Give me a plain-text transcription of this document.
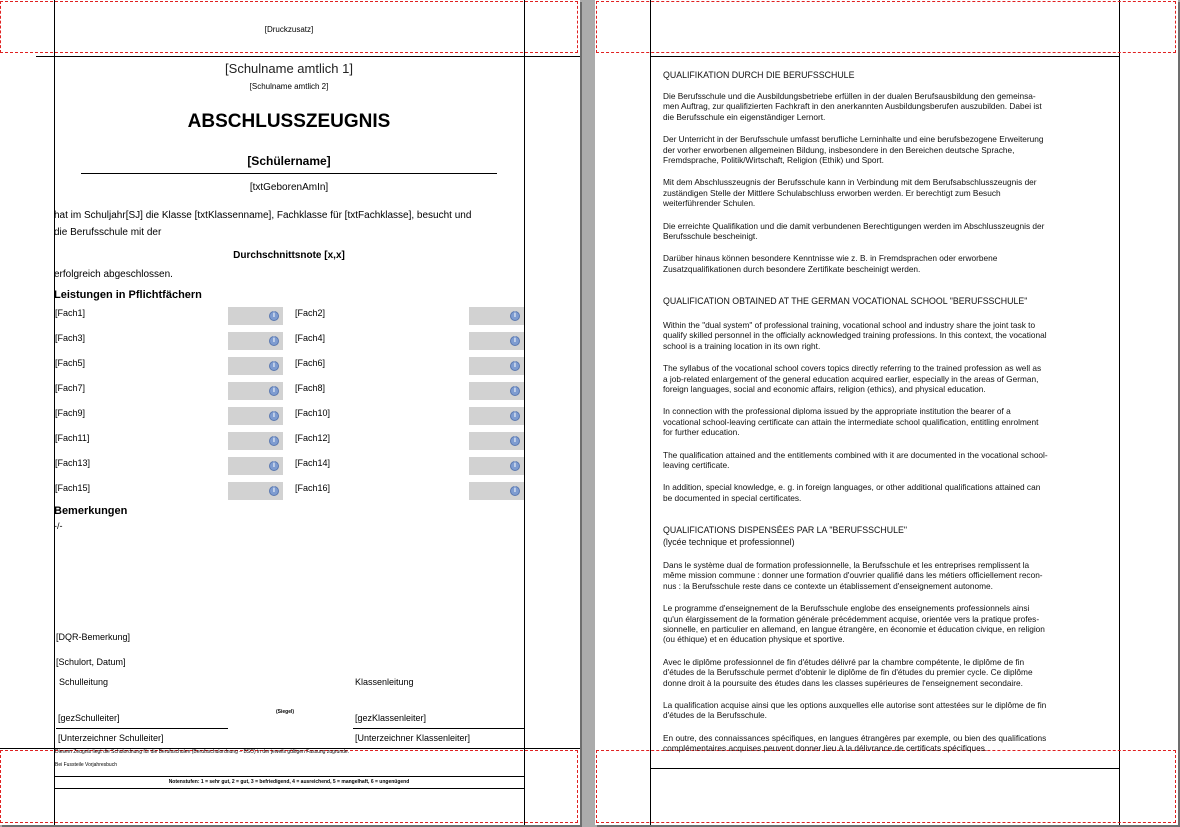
[Druckzusatz]
[Schulname amtlich 1]
[Schulname amtlich 2]
ABSCHLUSSZEUGNIS
[Schülername]
[txtGeborenAmIn]
hat im Schuljahr[SJ] die Klasse [txtKlassenname], Fachklasse für [txtFachklasse], besucht und
die Berufsschule mit der
Durchschnittsnote [x,x]
erfolgreich abgeschlossen.
Leistungen in Pflichtfächern
[Fach1]	i	[Fach2]	i
[Fach3]	i	[Fach4]	i
[Fach5]	i	[Fach6]	i
[Fach7]	i	[Fach8]	i
[Fach9]	i	[Fach10]	i
[Fach11]	i	[Fach12]	i
[Fach13]	i	[Fach14]	i
[Fach15]	i	[Fach16]	i
Bemerkungen
-/-
[DQR-Bemerkung]
[Schulort, Datum]
Schulleitung	Klassenleitung
(Siegel)
[gezSchulleiter]	[gezKlassenleiter]
[Unterzeichner Schulleiter]	[Unterzeichner Klassenleiter]
Diesem Zeugnis liegt die Schulordnung für die Berufsschulen (Berufsschulordnung – BSO) in der jeweils gültigen Fassung zugrunde.
Bei Fussteile Vorjahresbuch
Notenstufen: 1 = sehr gut, 2 = gut, 3 = befriedigend, 4 = ausreichend, 5 = mangelhaft, 6 = ungenügend
QUALIFIKATION DURCH DIE BERUFSSCHULE
Die Berufsschule und die Ausbildungsbetriebe erfüllen in der dualen Berufsausbildung den gemeinsa-
men Auftrag, zur qualifizierten Fachkraft in den anerkannten Ausbildungsberufen auszubilden. Dabei ist
die Berufsschule ein eigenständiger Lernort.
Der Unterricht in der Berufsschule umfasst berufliche Lerninhalte und eine berufsbezogene Erweiterung
der vorher erworbenen allgemeinen Bildung, insbesondere in den Bereichen deutsche Sprache,
Fremdsprache, Politik/Wirtschaft, Religion (Ethik) und Sport.
Mit dem Abschlusszeugnis der Berufsschule kann in Verbindung mit dem Berufsabschlusszeugnis der
zuständigen Stelle der Mittlere Schulabschluss erworben werden. Er berechtigt zum Besuch
weiterführender Schulen.
Die erreichte Qualifikation und die damit verbundenen Berechtigungen werden im Abschlusszeugnis der
Berufsschule bescheinigt.
Darüber hinaus können besondere Kenntnisse wie z. B. in Fremdsprachen oder erworbene
Zusatzqualifikationen durch besondere Zertifikate bescheinigt werden.
QUALIFICATION OBTAINED AT THE GERMAN VOCATIONAL SCHOOL "BERUFSSCHULE"
Within the "dual system" of professional training, vocational school and industry share the joint task to
qualify skilled personnel in the officially acknowledged training professions. In this context, the vocational
school is a training location in its own right.
The syllabus of the vocational school covers topics directly referring to the trained profession as well as
a job-related enlargement of the general education acquired earlier, especially in the areas of German,
foreign languages, social and economic affairs, religion (ethics), and physical education.
In connection with the professional diploma issued by the appropriate institution the bearer of a
vocational school-leaving certificate can attain the intermediate school qualification, entitling enrolment
for further education.
The qualification attained and the entitlements combined with it are documented in the vocational school-
leaving certificate.
In addition, special knowledge, e. g. in foreign languages, or other additional qualifications attained can
be documented in special certificates.
QUALIFICATIONS DISPENSÉES PAR LA "BERUFSSCHULE"
(lycée technique et professionnel)
Dans le système dual de formation professionnelle, la Berufsschule et les entreprises remplissent la
même mission commune : donner une formation d'ouvrier qualifié dans les métiers officiellement recon-
nus : la Berufsschule reste dans ce contexte un établissement d'enseignement autonome.
Le programme d'enseignement de la Berufsschule englobe des enseignements professionnels ainsi
qu'un élargissement de la formation générale précédemment acquise, orientée vers la pratique profes-
sionnelle, en particulier en allemand, en langue étrangère, en économie et éducation civique, en religion
(ou éthique) et en éducation physique et sportive.
Avec le diplôme professionnel de fin d'études délivré par la chambre compétente, le diplôme de fin
d'études de la Berufsschule permet d'obtenir le diplôme de fin d'études du premier cycle. Ce diplôme
donne droit à la poursuite des études dans les classes supérieures de l'enseignement secondaire.
La qualification acquise ainsi que les options auxquelles elle autorise sont attestées sur le diplôme de fin
d'études de la Berufsschule.
En outre, des connaissances spécifiques, en langues étrangères par exemple, ou bien des qualifications
complémentaires acquises peuvent donner lieu à la délivrance de certificats spécifiques.
